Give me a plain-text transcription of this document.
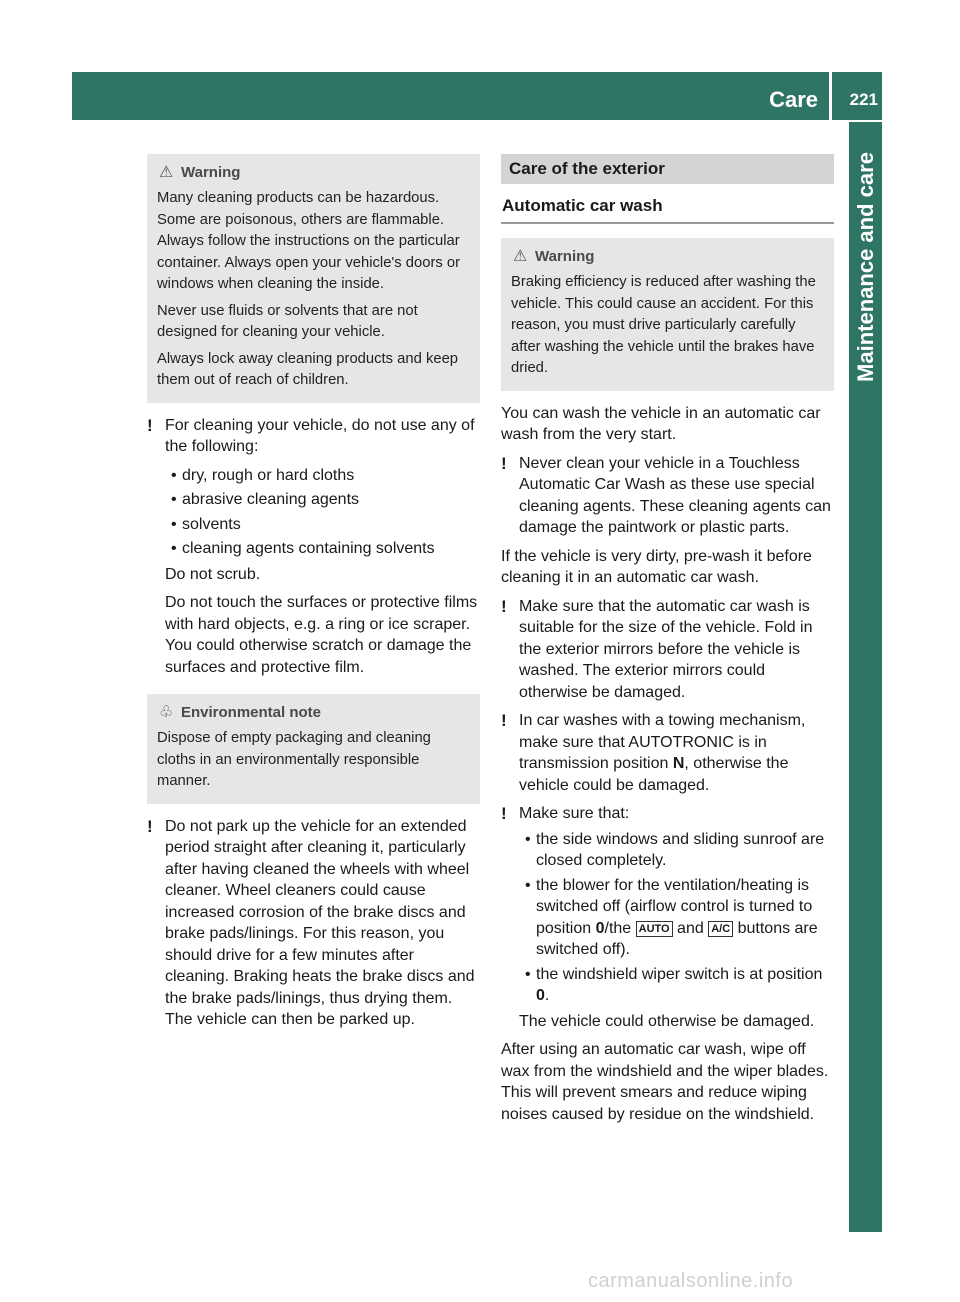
Care 221
Maintenance and care
⚠ Warning

Many cleaning products can be hazardous. Some are poisonous, others are flammable. Always follow the instructions on the particular container. Always open your vehicle's doors or windows when cleaning the inside.

Never use fluids or solvents that are not designed for cleaning your vehicle.

Always lock away cleaning products and keep them out of reach of children.

! For cleaning your vehicle, do not use any of the following:
• dry, rough or hard cloths
• abrasive cleaning agents
• solvents
• cleaning agents containing solvents
Do not scrub.
Do not touch the surfaces or protective films with hard objects, e.g. a ring or ice scraper. You could otherwise scratch or damage the surfaces and protective film.
♧ Environmental note

Dispose of empty packaging and cleaning cloths in an environmentally responsible manner.

! Do not park up the vehicle for an extended period straight after cleaning it, particularly after having cleaned the wheels with wheel cleaner. Wheel cleaners could cause increased corrosion of the brake discs and brake pads/linings. For this reason, you should drive for a few minutes after cleaning. Braking heats the brake discs and the brake pads/linings, thus drying them. The vehicle can then be parked up.
Care of the exterior
Automatic car wash
⚠ Warning

Braking efficiency is reduced after washing the vehicle. This could cause an accident. For this reason, you must drive particularly carefully after washing the vehicle until the brakes have dried.

You can wash the vehicle in an automatic car wash from the very start.
! Never clean your vehicle in a Touchless Automatic Car Wash as these use special cleaning agents. These cleaning agents can damage the paintwork or plastic parts.
If the vehicle is very dirty, pre-wash it before cleaning it in an automatic car wash.
! Make sure that the automatic car wash is suitable for the size of the vehicle. Fold in the exterior mirrors before the vehicle is washed. The exterior mirrors could otherwise be damaged.
! In car washes with a towing mechanism, make sure that AUTOTRONIC is in transmission position N, otherwise the vehicle could be damaged.
! Make sure that:
• the side windows and sliding sunroof are closed completely.
• the blower for the ventilation/heating is switched off (airflow control is turned to position 0/the AUTO and A/C buttons are switched off).
• the windshield wiper switch is at position 0.
The vehicle could otherwise be damaged.
After using an automatic car wash, wipe off wax from the windshield and the wiper blades. This will prevent smears and reduce wiping noises caused by residue on the windshield.
carmanualsonline.info
